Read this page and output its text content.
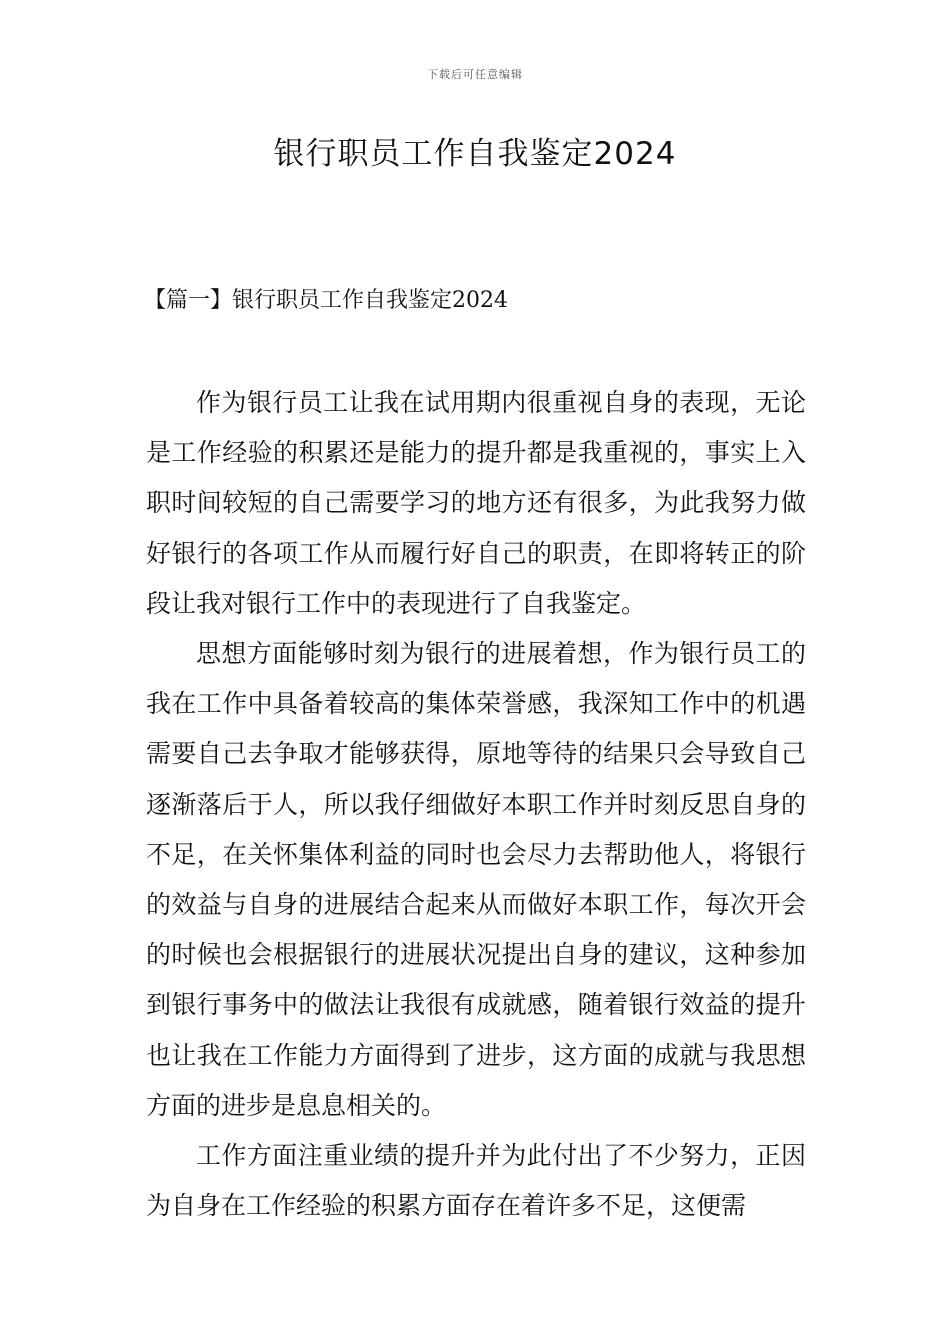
下载后可任意编辑
银行职员工作自我鉴定2024
【篇一】银行职员工作自我鉴定2024

作为银行员工让我在试用期内很重视自身的表现，无论是工作经验的积累还是能力的提升都是我重视的，事实上入职时间较短的自己需要学习的地方还有很多，为此我努力做好银行的各项工作从而履行好自己的职责，在即将转正的阶段让我对银行工作中的表现进行了自我鉴定。

思想方面能够时刻为银行的进展着想，作为银行员工的我在工作中具备着较高的集体荣誉感，我深知工作中的机遇需要自己去争取才能够获得，原地等待的结果只会导致自己逐渐落后于人，所以我仔细做好本职工作并时刻反思自身的不足，在关怀集体利益的同时也会尽力去帮助他人，将银行的效益与自身的进展结合起来从而做好本职工作，每次开会的时候也会根据银行的进展状况提出自身的建议，这种参加到银行事务中的做法让我很有成就感，随着银行效益的提升也让我在工作能力方面得到了进步，这方面的成就与我思想方面的进步是息息相关的。

工作方面注重业绩的提升并为此付出了不少努力，正因为自身在工作经验的积累方面存在着许多不足，这便需
